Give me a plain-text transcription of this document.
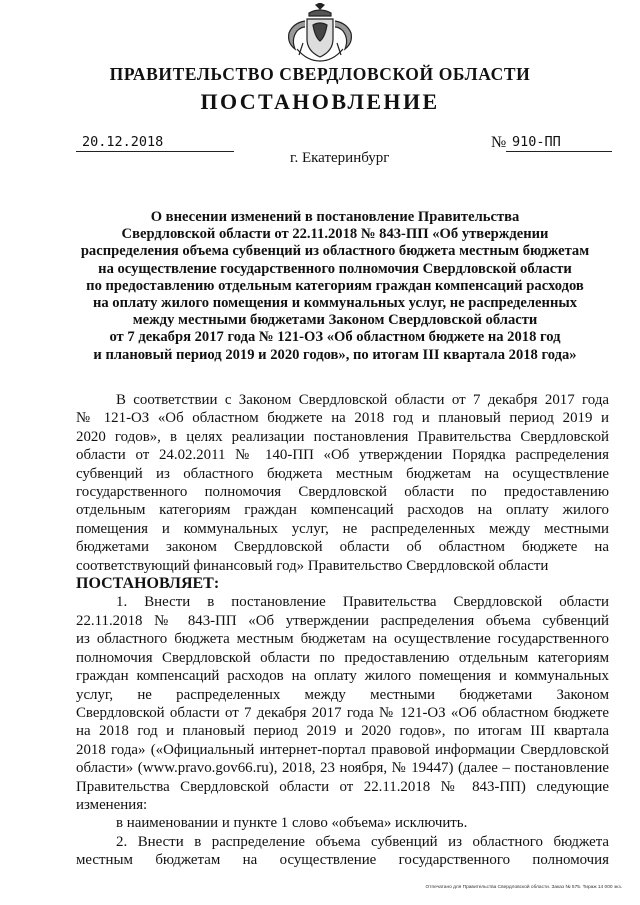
ПРАВИТЕЛЬСТВО СВЕРДЛОВСКОЙ ОБЛАСТИ
ПОСТАНОВЛЕНИЕ
20.12.2018	№ 910-ПП
г. Екатеринбург
О внесении изменений в постановление Правительства
Свердловской области от 22.11.2018 № 843-ПП «Об утверждении
распределения объема субвенций из областного бюджета местным бюджетам
на осуществление государственного полномочия Свердловской области
по предоставлению отдельным категориям граждан компенсаций расходов
на оплату жилого помещения и коммунальных услуг, не распределенных
между местными бюджетами Законом Свердловской области
от 7 декабря 2017 года № 121-ОЗ «Об областном бюджете на 2018 год
и плановый период 2019 и 2020 годов», по итогам III квартала 2018 года»
В соответствии с Законом Свердловской области от 7 декабря 2017 года
№ 121-ОЗ «Об областном бюджете на 2018 год и плановый период 2019 и
2020 годов», в целях реализации постановления Правительства Свердловской
области от 24.02.2011 № 140-ПП «Об утверждении Порядка распределения
субвенций из областного бюджета местным бюджетам на осуществление
государственного полномочия Свердловской области по предоставлению
отдельным категориям граждан компенсаций расходов на оплату жилого
помещения и коммунальных услуг, не распределенных между местными
бюджетами законом Свердловской области об областном бюджете на
соответствующий финансовый год» Правительство Свердловской области
ПОСТАНОВЛЯЕТ:
1. Внести в постановление Правительства Свердловской области
22.11.2018 № 843-ПП «Об утверждении распределения объема субвенций
из областного бюджета местным бюджетам на осуществление государственного
полномочия Свердловской области по предоставлению отдельным категориям
граждан компенсаций расходов на оплату жилого помещения и коммунальных
услуг, не распределенных между местными бюджетами Законом
Свердловской области от 7 декабря 2017 года № 121-ОЗ «Об областном бюджете
на 2018 год и плановый период 2019 и 2020 годов», по итогам III квартала
2018 года» («Официальный интернет-портал правовой информации Свердловской
области» (www.pravo.gov66.ru), 2018, 23 ноября, № 19447) (далее – постановление
Правительства Свердловской области от 22.11.2018 № 843-ПП) следующие
изменения:
в наименовании и пункте 1 слово «объема» исключить.
2. Внести в распределение объема субвенций из областного бюджета
местным бюджетам на осуществление государственного полномочия
Отпечатано для Правительства Свердловской области. Заказ № 575. Тираж 14 000 экз.
